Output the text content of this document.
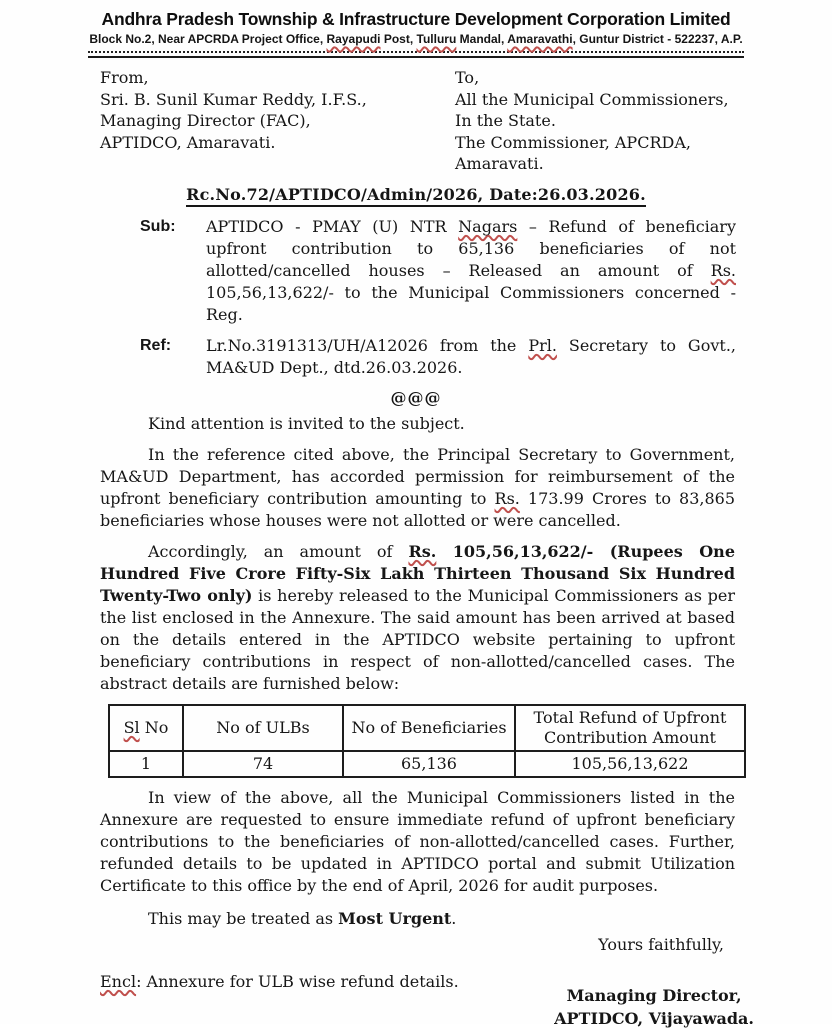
Andhra Pradesh Township & Infrastructure Development Corporation Limited
Block No.2, Near APCRDA Project Office, Rayapudi Post, Tulluru Mandal, Amaravathi, Guntur District - 522237, A.P.
From,
Sri. B. Sunil Kumar Reddy, I.F.S.,
Managing Director (FAC),
APTIDCO, Amaravati.
To,
All the Municipal Commissioners,
In the State.
The Commissioner, APCRDA,
Amaravati.
Rc.No.72/APTIDCO/Admin/2026, Date:26.03.2026.
Sub:	APTIDCO - PMAY (U) NTR Nagars – Refund of beneficiary upfront contribution to 65,136 beneficiaries of not allotted/cancelled houses – Released an amount of Rs. 105,56,13,622/- to the Municipal Commissioners concerned - Reg.
Ref:	Lr.No.3191313/UH/A12026 from the Prl. Secretary to Govt., MA&UD Dept., dtd.26.03.2026.
@@@
Kind attention is invited to the subject.
In the reference cited above, the Principal Secretary to Government, MA&UD Department, has accorded permission for reimbursement of the upfront beneficiary contribution amounting to Rs. 173.99 Crores to 83,865 beneficiaries whose houses were not allotted or were cancelled.
Accordingly, an amount of Rs. 105,56,13,622/- (Rupees One Hundred Five Crore Fifty-Six Lakh Thirteen Thousand Six Hundred Twenty-Two only) is hereby released to the Municipal Commissioners as per the list enclosed in the Annexure. The said amount has been arrived at based on the details entered in the APTIDCO website pertaining to upfront beneficiary contributions in respect of non-allotted/cancelled cases. The abstract details are furnished below:
Sl No	No of ULBs	No of Beneficiaries	Total Refund of Upfront Contribution Amount
1	74	65,136	105,56,13,622
In view of the above, all the Municipal Commissioners listed in the Annexure are requested to ensure immediate refund of upfront beneficiary contributions to the beneficiaries of non-allotted/cancelled cases. Further, refunded details to be updated in APTIDCO portal and submit Utilization Certificate to this office by the end of April, 2026 for audit purposes.
This may be treated as Most Urgent.
Yours faithfully,
Encl: Annexure for ULB wise refund details.
Managing Director,
APTIDCO, Vijayawada.
